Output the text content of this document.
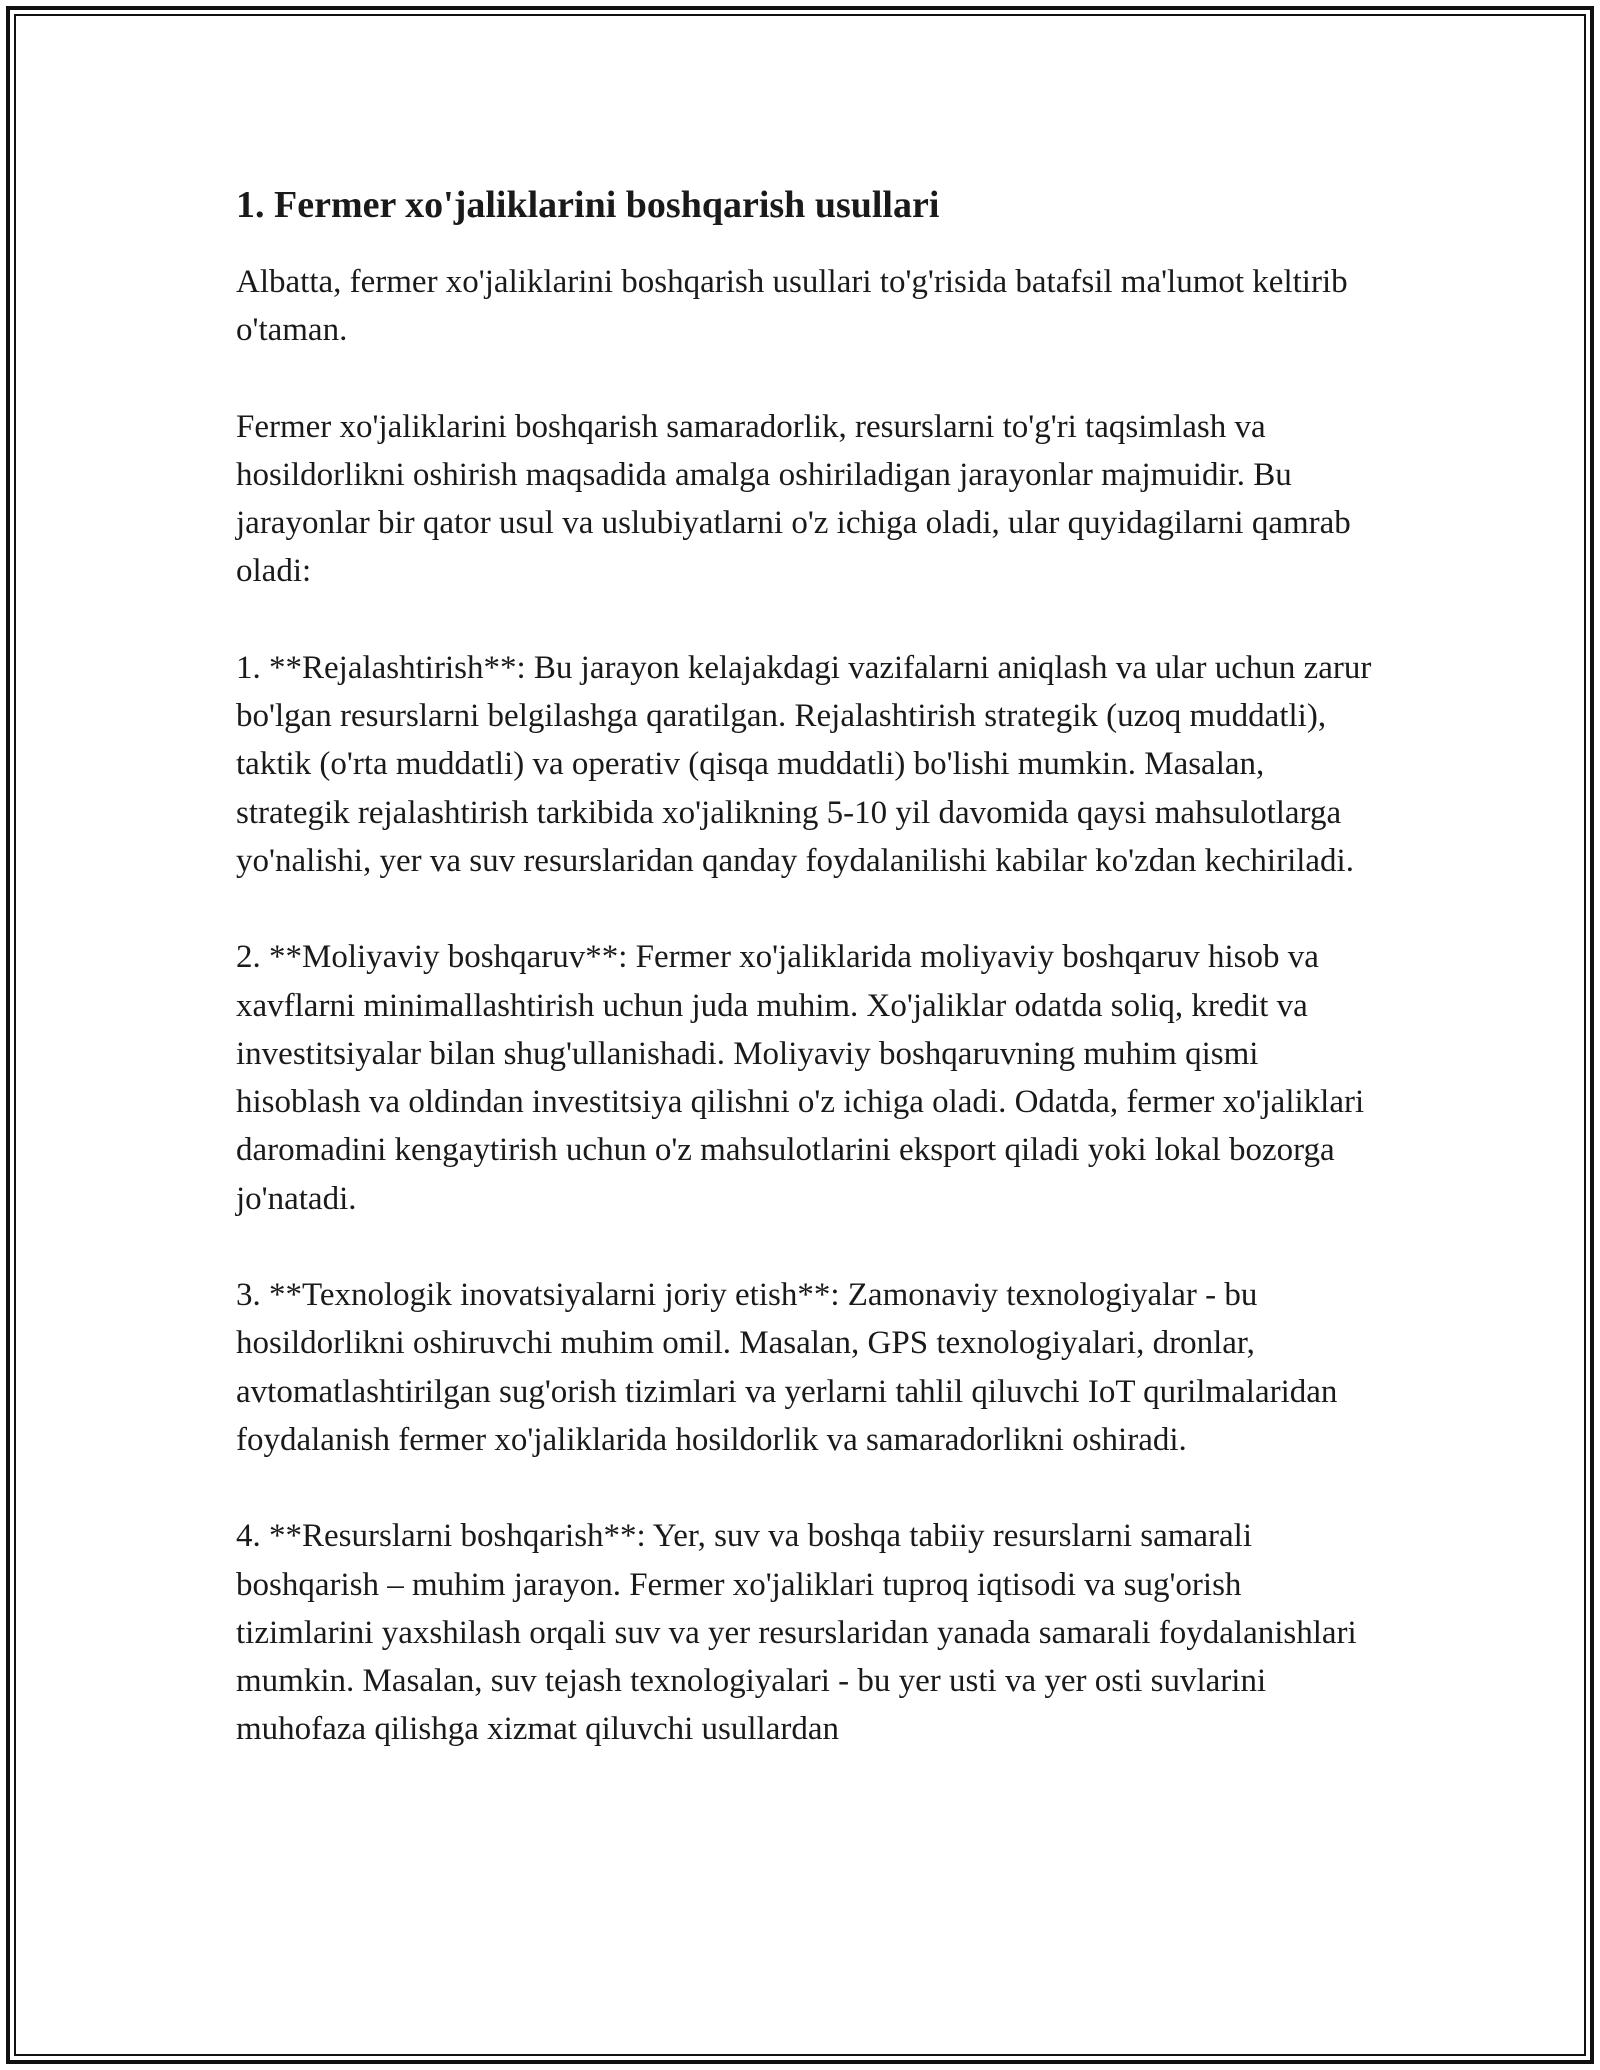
1. Fermer xo'jaliklarini boshqarish usullari

Albatta, fermer xo'jaliklarini boshqarish usullari to'g'risida batafsil ma'lumot keltirib o'taman.

Fermer xo'jaliklarini boshqarish samaradorlik, resurslarni to'g'ri taqsimlash va hosildorlikni oshirish maqsadida amalga oshiriladigan jarayonlar majmuidir. Bu jarayonlar bir qator usul va uslubiyatlarni o'z ichiga oladi, ular quyidagilarni qamrab oladi:

1. **Rejalashtirish**: Bu jarayon kelajakdagi vazifalarni aniqlash va ular uchun zarur bo'lgan resurslarni belgilashga qaratilgan. Rejalashtirish strategik (uzoq muddatli), taktik (o'rta muddatli) va operativ (qisqa muddatli) bo'lishi mumkin. Masalan, strategik rejalashtirish tarkibida xo'jalikning 5-10 yil davomida qaysi mahsulotlarga yo'nalishi, yer va suv resurslaridan qanday foydalanilishi kabilar ko'zdan kechiriladi.

2. **Moliyaviy boshqaruv**: Fermer xo'jaliklarida moliyaviy boshqaruv hisob va xavflarni minimallashtirish uchun juda muhim. Xo'jaliklar odatda soliq, kredit va investitsiyalar bilan shug'ullanishadi. Moliyaviy boshqaruvning muhim qismi hisoblash va oldindan investitsiya qilishni o'z ichiga oladi. Odatda, fermer xo'jaliklari daromadini kengaytirish uchun o'z mahsulotlarini eksport qiladi yoki lokal bozorga jo'natadi.

3. **Texnologik inovatsiyalarni joriy etish**: Zamonaviy texnologiyalar - bu hosildorlikni oshiruvchi muhim omil. Masalan, GPS texnologiyalari, dronlar, avtomatlashtirilgan sug'orish tizimlari va yerlarni tahlil qiluvchi IoT qurilmalaridan foydalanish fermer xo'jaliklarida hosildorlik va samaradorlikni oshiradi.

4. **Resurslarni boshqarish**: Yer, suv va boshqa tabiiy resurslarni samarali boshqarish – muhim jarayon. Fermer xo'jaliklari tuproq iqtisodi va sug'orish tizimlarini yaxshilash orqali suv va yer resurslaridan yanada samarali foydalanishlari mumkin. Masalan, suv tejash texnologiyalari - bu yer usti va yer osti suvlarini muhofaza qilishga xizmat qiluvchi usullardan
